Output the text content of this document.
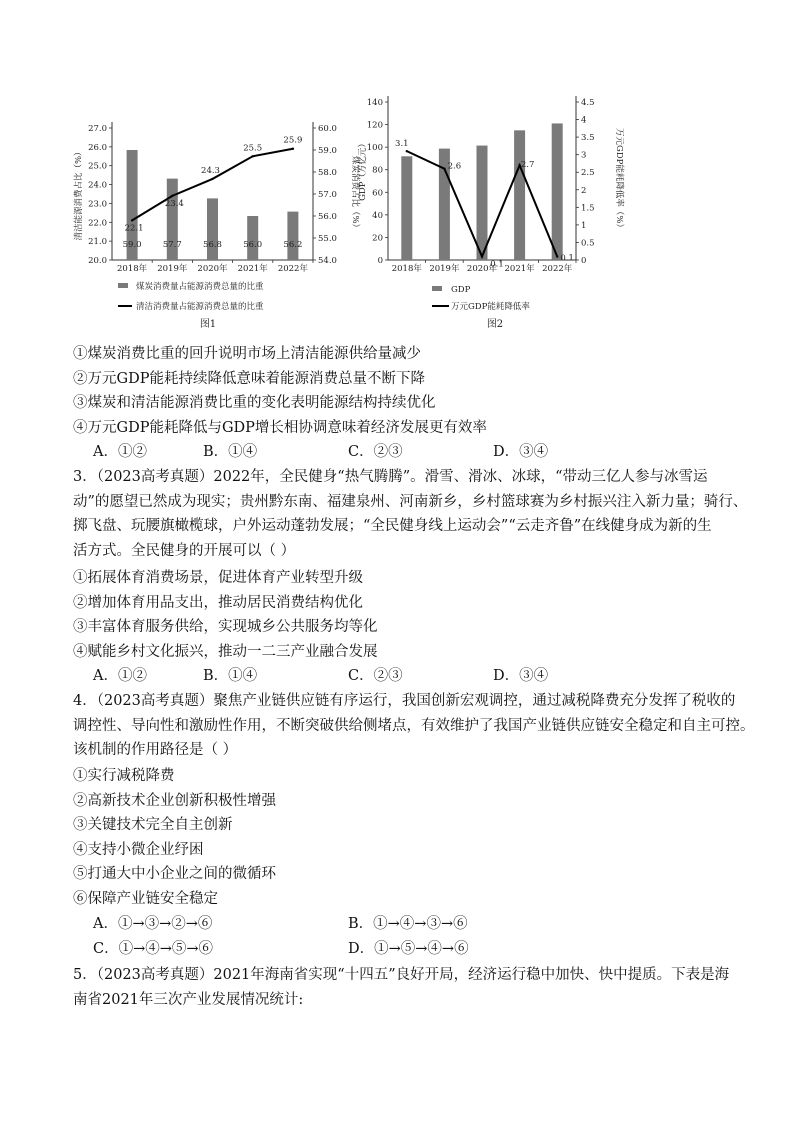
20.0
21.0
22.0
23.0
24.0
25.0
26.0
27.0
54.0
55.0
56.0
57.0
58.0
59.0
60.0
2018年 2019年 2020年 2021年 2022年
22.1
23.4
24.3
25.5
25.9
59.0	57.7	56.8	56.0	56.2
清洁能源消费占比（%）	煤炭消费占比（%）
煤炭消费量占能源消费总量的比重
清洁消费量占能源消费总量的比重
图1
0
20
40
60
80
100
120
140
0
0.5
1
1.5
2
2.5
3
3.5
4
4.5
2018年 2019年 2020年 2021年 2022年
3.1
2.6
0.1
2.7
0.1
GDP（万亿元）	万元GDP能耗降低率（%）
GDP
万元GDP能耗降低率
图2
①煤炭消费比重的回升说明市场上清洁能源供给量减少
②万元GDP能耗持续降低意味着能源消费总量不断下降
③煤炭和清洁能源消费比重的变化表明能源结构持续优化
④万元GDP能耗降低与GDP增长相协调意味着经济发展更有效率
A．①②	B．①④	C．②③	D．③④
3．（2023高考真题）2022年，全民健身“热气腾腾”。滑雪、滑冰、冰球，“带动三亿人参与冰雪运
动”的愿望已然成为现实；贵州黔东南、福建泉州、河南新乡，乡村篮球赛为乡村振兴注入新力量；骑行、
掷飞盘、玩腰旗橄榄球，户外运动蓬勃发展；“全民健身线上运动会”“云走齐鲁”在线健身成为新的生
活方式。全民健身的开展可以（ ）
①拓展体育消费场景，促进体育产业转型升级
②增加体育用品支出，推动居民消费结构优化
③丰富体育服务供给，实现城乡公共服务均等化
④赋能乡村文化振兴，推动一二三产业融合发展
A．①②	B．①④	C．②③	D．③④
4．（2023高考真题）聚焦产业链供应链有序运行，我国创新宏观调控，通过减税降费充分发挥了税收的
调控性、导向性和激励性作用，不断突破供给侧堵点，有效维护了我国产业链供应链安全稳定和自主可控。
该机制的作用路径是（ ）
①实行减税降费
②高新技术企业创新积极性增强
③关键技术完全自主创新
④支持小微企业纾困
⑤打通大中小企业之间的微循环
⑥保障产业链安全稳定
A．①→③→②→⑥	B．①→④→③→⑥
C．①→④→⑤→⑥	D．①→⑤→④→⑥
5．（2023高考真题）2021年海南省实现“十四五”良好开局，经济运行稳中加快、快中提质。下表是海
南省2021年三次产业发展情况统计:
